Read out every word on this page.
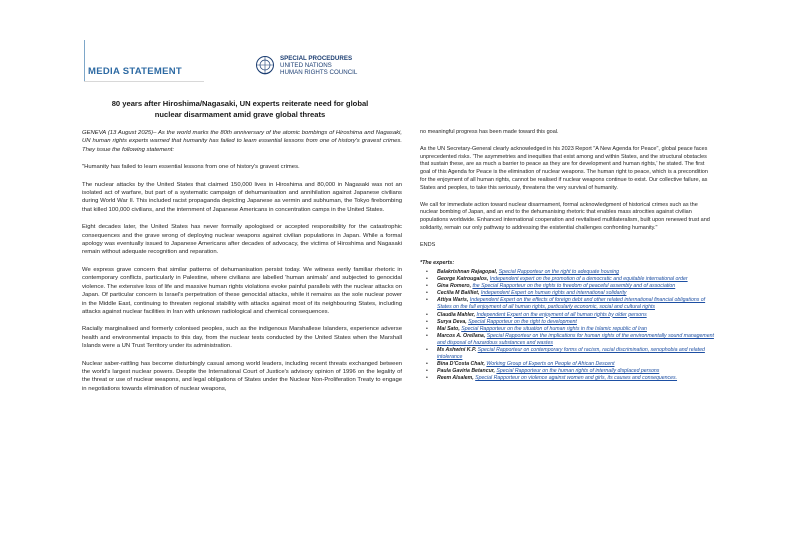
MEDIA STATEMENT
SPECIAL PROCEDURES
UNITED NATIONS
HUMAN RIGHTS COUNCIL
80 years after Hiroshima/Nagasaki, UN experts reiterate need for global
nuclear disarmament amid grave global threats

GENEVA (13 August 2025)– As the world marks the 80th anniversary of the atomic bombings of Hiroshima and Nagasaki, UN human rights experts warned that humanity has failed to learn essential lessons from one of history's gravest crimes. They issue the following statement:

"Humanity has failed to learn essential lessons from one of history's gravest crimes.

The nuclear attacks by the United States that claimed 150,000 lives in Hiroshima and 80,000 in Nagasaki was not an isolated act of warfare, but part of a systematic campaign of dehumanisation and annihilation against Japanese civilians during World War II. This included racist propaganda depicting Japanese as vermin and subhuman, the Tokyo firebombing that killed 100,000 civilians, and the internment of Japanese Americans in concentration camps in the United States.

Eight decades later, the United States has never formally apologised or accepted responsibility for the catastrophic consequences and the grave wrong of deploying nuclear weapons against civilian populations in Japan. While a formal apology was eventually issued to Japanese Americans after decades of advocacy, the victims of Hiroshima and Nagasaki remain without adequate recognition and reparation.

We express grave concern that similar patterns of dehumanisation persist today. We witness eerily familiar rhetoric in contemporary conflicts, particularly in Palestine, where civilians are labelled 'human animals' and subjected to genocidal violence. The extensive loss of life and massive human rights violations evoke painful parallels with the nuclear attacks on Japan. Of particular concern is Israel's perpetration of these genocidal attacks, while it remains as the sole nuclear power in the Middle East, continuing to threaten regional stability with attacks against most of its neighbouring States, including attacks against nuclear facilities in Iran with unknown radiological and chemical consequences.

Racially marginalised and formerly colonised peoples, such as the indigenous Marshallese Islanders, experience adverse health and environmental impacts to this day, from the nuclear tests conducted by the United States when the Marshall Islands were a UN Trust Territory under its administration.

Nuclear saber-rattling has become disturbingly casual among world leaders, including recent threats exchanged between the world's largest nuclear powers. Despite the International Court of Justice's advisory opinion of 1996 on the legality of the threat or use of nuclear weapons, and legal obligations of States under the Nuclear Non-Proliferation Treaty to engage in negotiations towards elimination of nuclear weapons,

no meaningful progress has been made toward this goal.

As the UN Secretary-General clearly acknowledged in his 2023 Report "A New Agenda for Peace", global peace faces unprecedented risks. 'The asymmetries and inequities that exist among and within States, and the structural obstacles that sustain these, are as much a barrier to peace as they are for development and human rights,' he stated. The first goal of this Agenda for Peace is the elimination of nuclear weapons. The human right to peace, which is a precondition for the enjoyment of all human rights, cannot be realised if nuclear weapons continue to exist. Our collective failure, as States and peoples, to take this seriously, threatens the very survival of humanity.

We call for immediate action toward nuclear disarmament, formal acknowledgment of historical crimes such as the nuclear bombing of Japan, and an end to the dehumanising rhetoric that enables mass atrocities against civilian populations worldwide. Enhanced international cooperation and revitalised multilateralism, built upon renewed trust and solidarity, remain our only pathway to addressing the existential challenges confronting humanity."

ENDS

*The experts:
• Balakrishnan Rajagopal, Special Rapporteur on the right to adequate housing
• George Katrougalos, Independent expert on the promotion of a democratic and equitable international order
• Gina Romero, the Special Rapporteur on the rights to freedom of peaceful assembly and of association
• Cecilia M Bailliet, Independent Expert on human rights and international solidarity
• Attiya Waris, Independent Expert on the effects of foreign debt and other related international financial obligations of States on the full enjoyment of all human rights, particularly economic, social and cultural rights
• Claudia Mahler, Independent Expert on the enjoyment of all human rights by older persons
• Surya Deva, Special Rapporteur on the right to development
• Mai Sato, Special Rapporteur on the situation of human rights in the Islamic republic of Iran
• Marcos A. Orellana, Special Rapporteur on the implications for human rights of the environmentally sound management and disposal of hazardous substances and wastes
• Ms Ashwini K.P. Special Rapporteur on contemporary forms of racism, racial discrimination, xenophobia and related intolerance
• Bina D'Costa Chair, Working Group of Experts on People of African Descent
• Paula Gaviria Betancur, Special Rapporteur on the human rights of internally displaced persons
• Reem Alsalem, Special Rapporteur on violence against women and girls, its causes and consequences.
